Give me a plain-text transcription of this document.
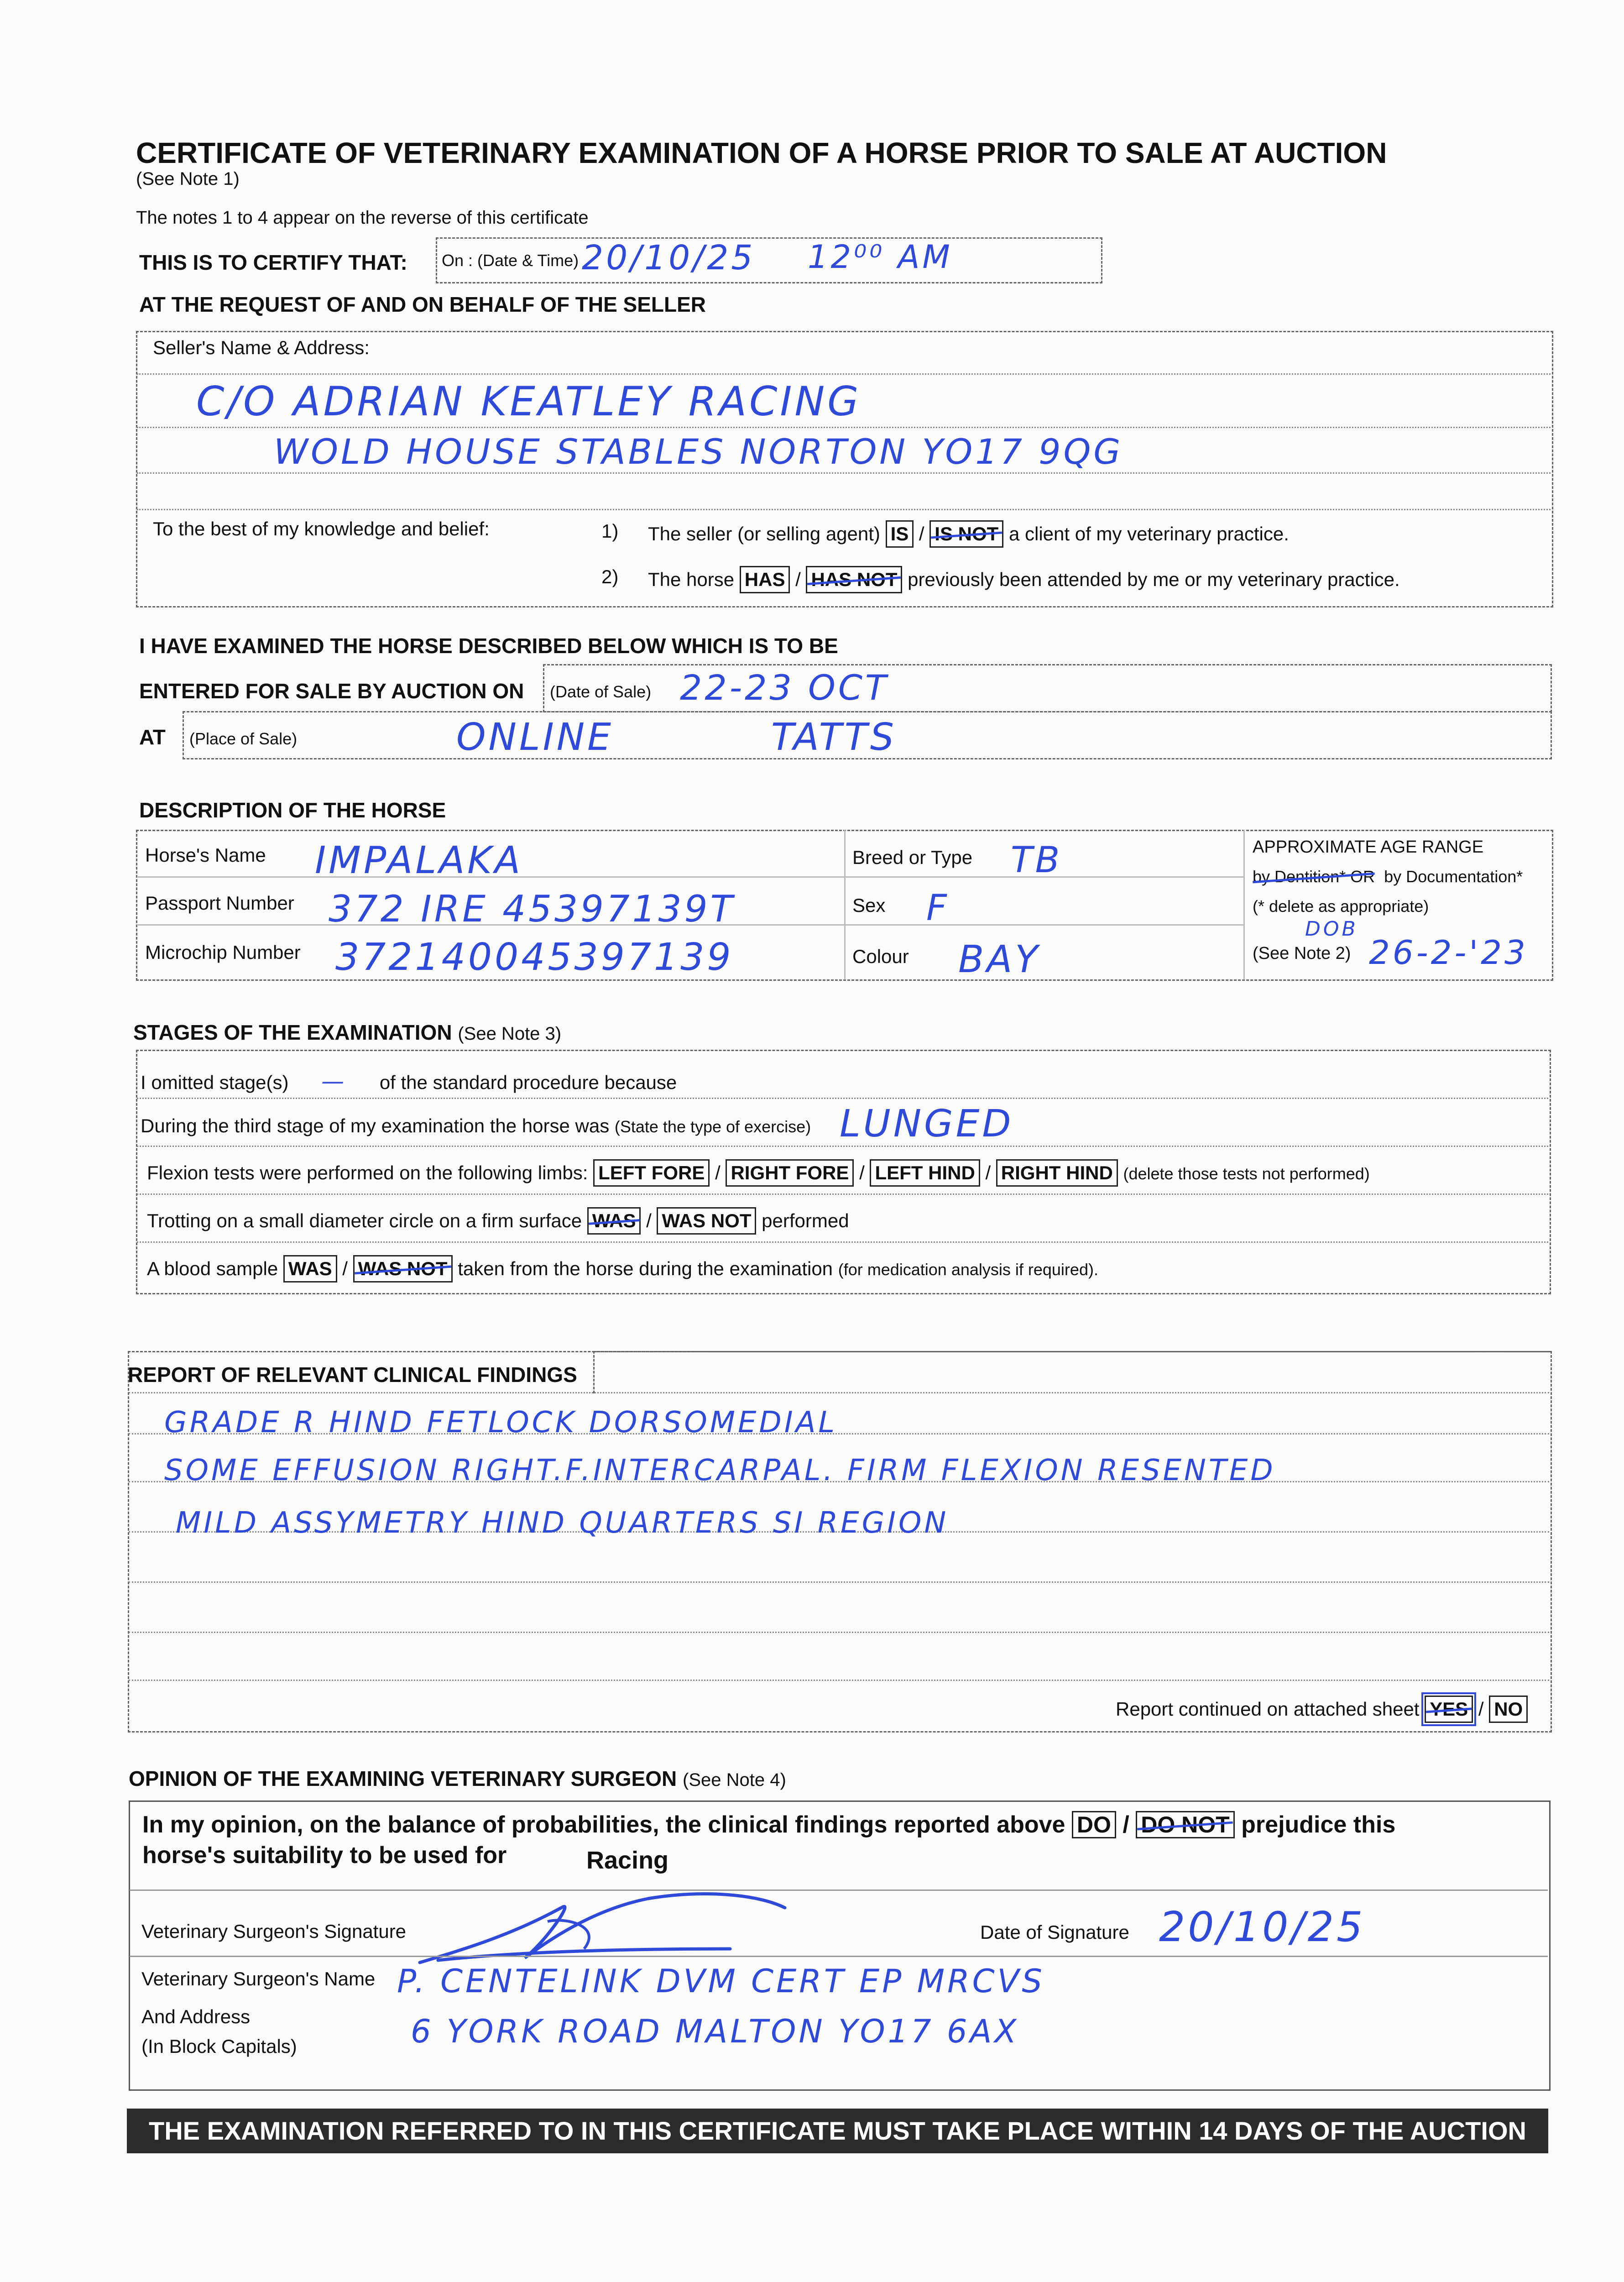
CERTIFICATE OF VETERINARY EXAMINATION OF A HORSE PRIOR TO SALE AT AUCTION
(See Note 1)
The notes 1 to 4 appear on the reverse of this certificate
THIS IS TO CERTIFY THAT: On : (Date & Time) 20/10/25 12⁰⁰ AM
AT THE REQUEST OF AND ON BEHALF OF THE SELLER
Seller's Name & Address:
C/O ADRIAN KEATLEY RACING
WOLD HOUSE STABLES NORTON YO17 9QG
To the best of my knowledge and belief:	1) The seller (or selling agent) IS / IS NOT a client of my veterinary practice.
2) The horse HAS / HAS NOT previously been attended by me or my veterinary practice.
I HAVE EXAMINED THE HORSE DESCRIBED BELOW WHICH IS TO BE
ENTERED FOR SALE BY AUCTION ON (Date of Sale) 22-23 OCT
AT (Place of Sale)	ONLINE	TATTS
DESCRIPTION OF THE HORSE
Horse's Name IMPALAKA
Passport Number 372 IRE 45397139T
Microchip Number 372140045397139
Breed or Type TB
Sex F
Colour BAY
APPROXIMATE AGE RANGE
by Dentition* OR by Documentation*
(* delete as appropriate)
DOB
(See Note 2) 26-2-'23
STAGES OF THE EXAMINATION (See Note 3)
I omitted stage(s) — of the standard procedure because
During the third stage of my examination the horse was (State the type of exercise) LUNGED
Flexion tests were performed on the following limbs: LEFT FORE / RIGHT FORE / LEFT HIND / RIGHT HIND (delete those tests not performed)
Trotting on a small diameter circle on a firm surface WAS / WAS NOT performed
A blood sample WAS / WAS NOT taken from the horse during the examination (for medication analysis if required).
REPORT OF RELEVANT CLINICAL FINDINGS
GRADE R HIND FETLOCK DORSOMEDIAL
SOME EFFUSION RIGHT.F.INTERCARPAL. FIRM FLEXION RESENTED
MILD ASSYMETRY HIND QUARTERS SI REGION
Report continued on attached sheet YES / NO
OPINION OF THE EXAMINING VETERINARY SURGEON (See Note 4)
In my opinion, on the balance of probabilities, the clinical findings reported above DO / DO NOT prejudice this
horse's suitability to be used for	Racing
Veterinary Surgeon's Signature	Date of Signature 20/10/25
Veterinary Surgeon's Name
And Address
(In Block Capitals)
P. CENTELINK DVM CERT EP MRCVS
6 YORK ROAD MALTON YO17 6AX
THE EXAMINATION REFERRED TO IN THIS CERTIFICATE MUST TAKE PLACE WITHIN 14 DAYS OF THE AUCTION
